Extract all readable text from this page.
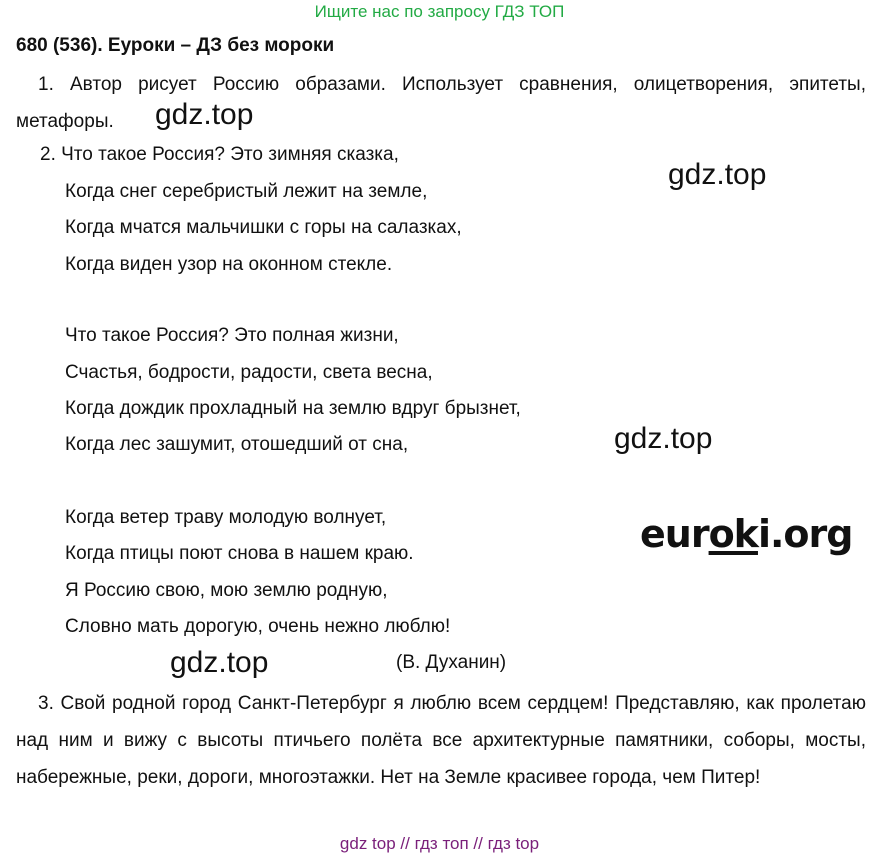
Ищите нас по запросу ГДЗ ТОП
680 (536). Еуроки – ДЗ без мороки
1. Автор рисует Россию образами. Использует сравнения, олицетворения, эпитеты, метафоры.
2. Что такое Россия? Это зимняя сказка,
Когда снег серебристый лежит на земле,
Когда мчатся мальчишки с горы на салазках,
Когда виден узор на оконном стекле.
Что такое Россия? Это полная жизни,
Счастья, бодрости, радости, света весна,
Когда дождик прохладный на землю вдруг брызнет,
Когда лес зашумит, отошедший от сна,
Когда ветер траву молодую волнует,
Когда птицы поют снова в нашем краю.
Я Россию свою, мою землю родную,
Словно мать дорогую, очень нежно люблю!
(В. Духанин)
3. Свой родной город Санкт-Петербург я люблю всем сердцем! Представляю, как пролетаю над ним и вижу с высоты птичьего полёта все архитектурные памятники, соборы, мосты, набережные, реки, дороги, многоэтажки. Нет на Земле красивее города, чем Питер!
gdz.top
gdz.top
gdz.top
gdz.top
euroki.org
gdz top // гдз топ // гдз top
